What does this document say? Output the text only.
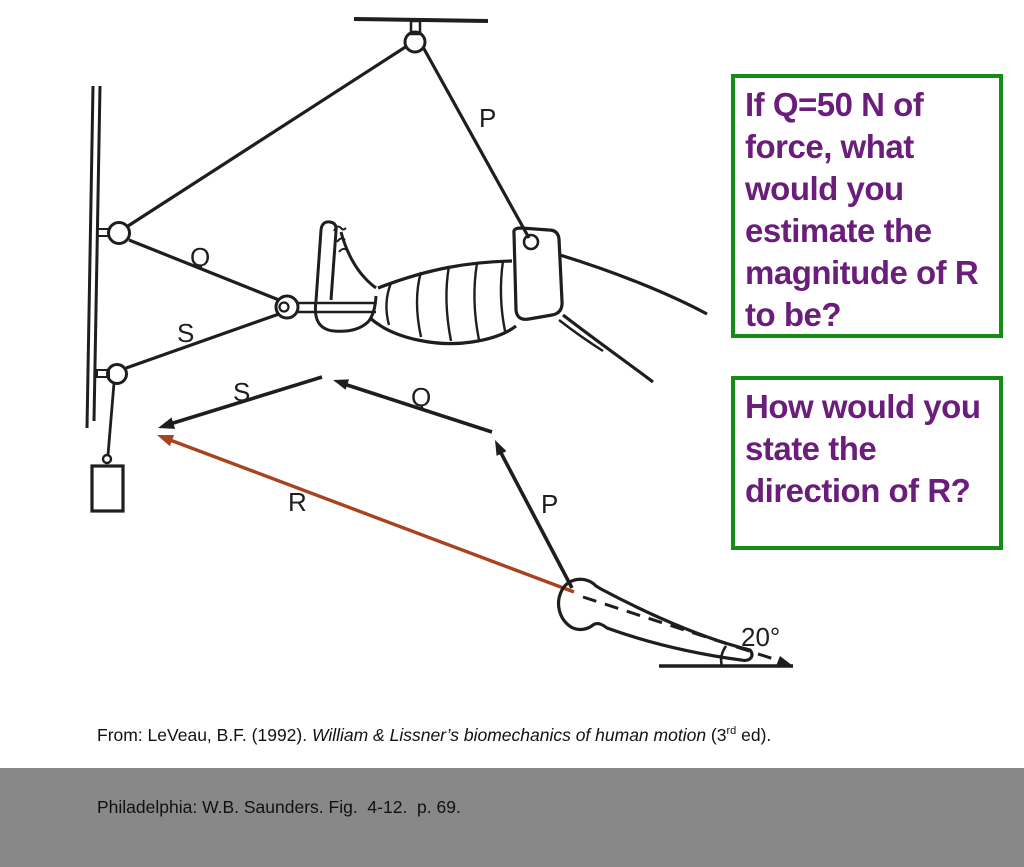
P
Q
S
S	Q
P
R
20°
If Q=50 N of force, what would you estimate the magnitude of R to be?
How would you state the direction of R?

From: LeVeau, B.F. (1992). William & Lissner’s biomechanics of human motion (3rd ed).

Philadelphia: W.B. Saunders. Fig.  4-12.  p. 69.
